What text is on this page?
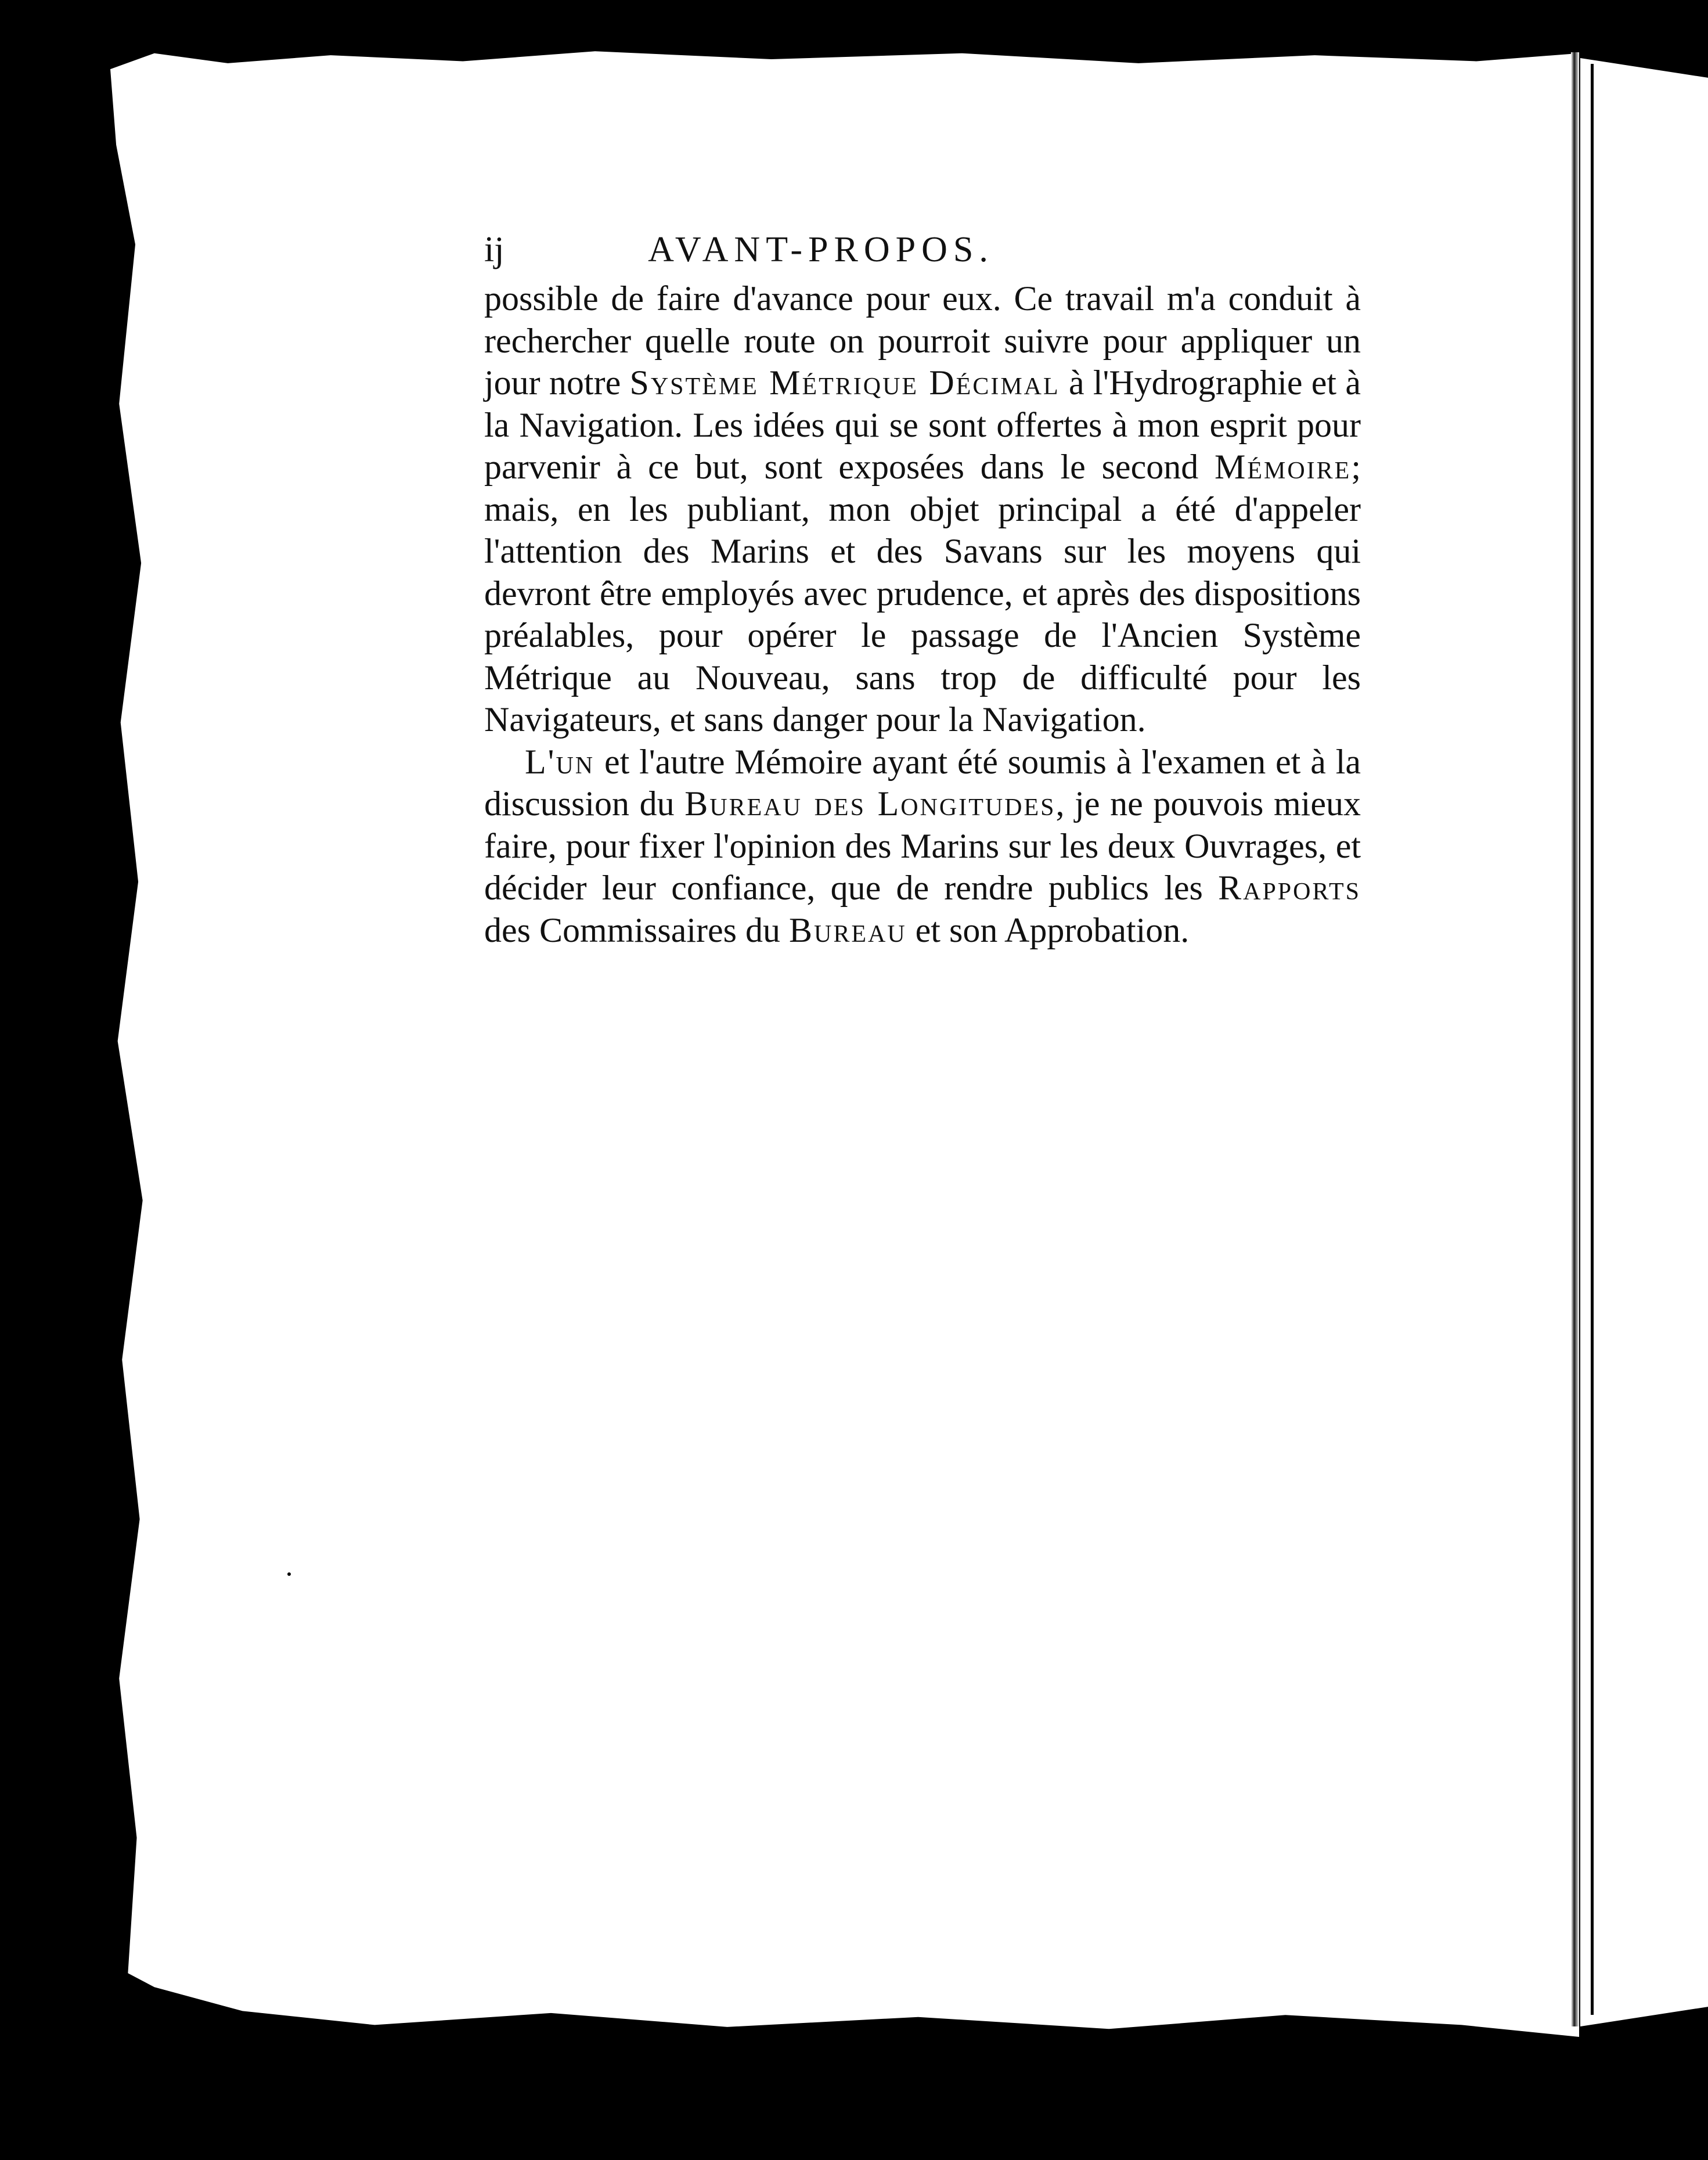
ij	AVANT-PROPOS.

possible de faire d'avance pour eux. Ce travail m'a conduit à rechercher quelle route on pourroit suivre pour appliquer un jour notre Système Métrique Décimal à l'Hydrographie et à la Navigation. Les idées qui se sont offertes à mon esprit pour parvenir à ce but, sont exposées dans le second Mémoire; mais, en les publiant, mon objet principal a été d'appeler l'attention des Marins et des Savans sur les moyens qui devront être employés avec prudence, et après des dispositions préalables, pour opérer le passage de l'Ancien Système Métrique au Nouveau, sans trop de difficulté pour les Navigateurs, et sans danger pour la Navigation.

L'un et l'autre Mémoire ayant été soumis à l'examen et à la discussion du Bureau des Longitudes, je ne pouvois mieux faire, pour fixer l'opinion des Marins sur les deux Ouvrages, et décider leur confiance, que de rendre publics les Rapports des Commissaires du Bureau et son Approbation.
